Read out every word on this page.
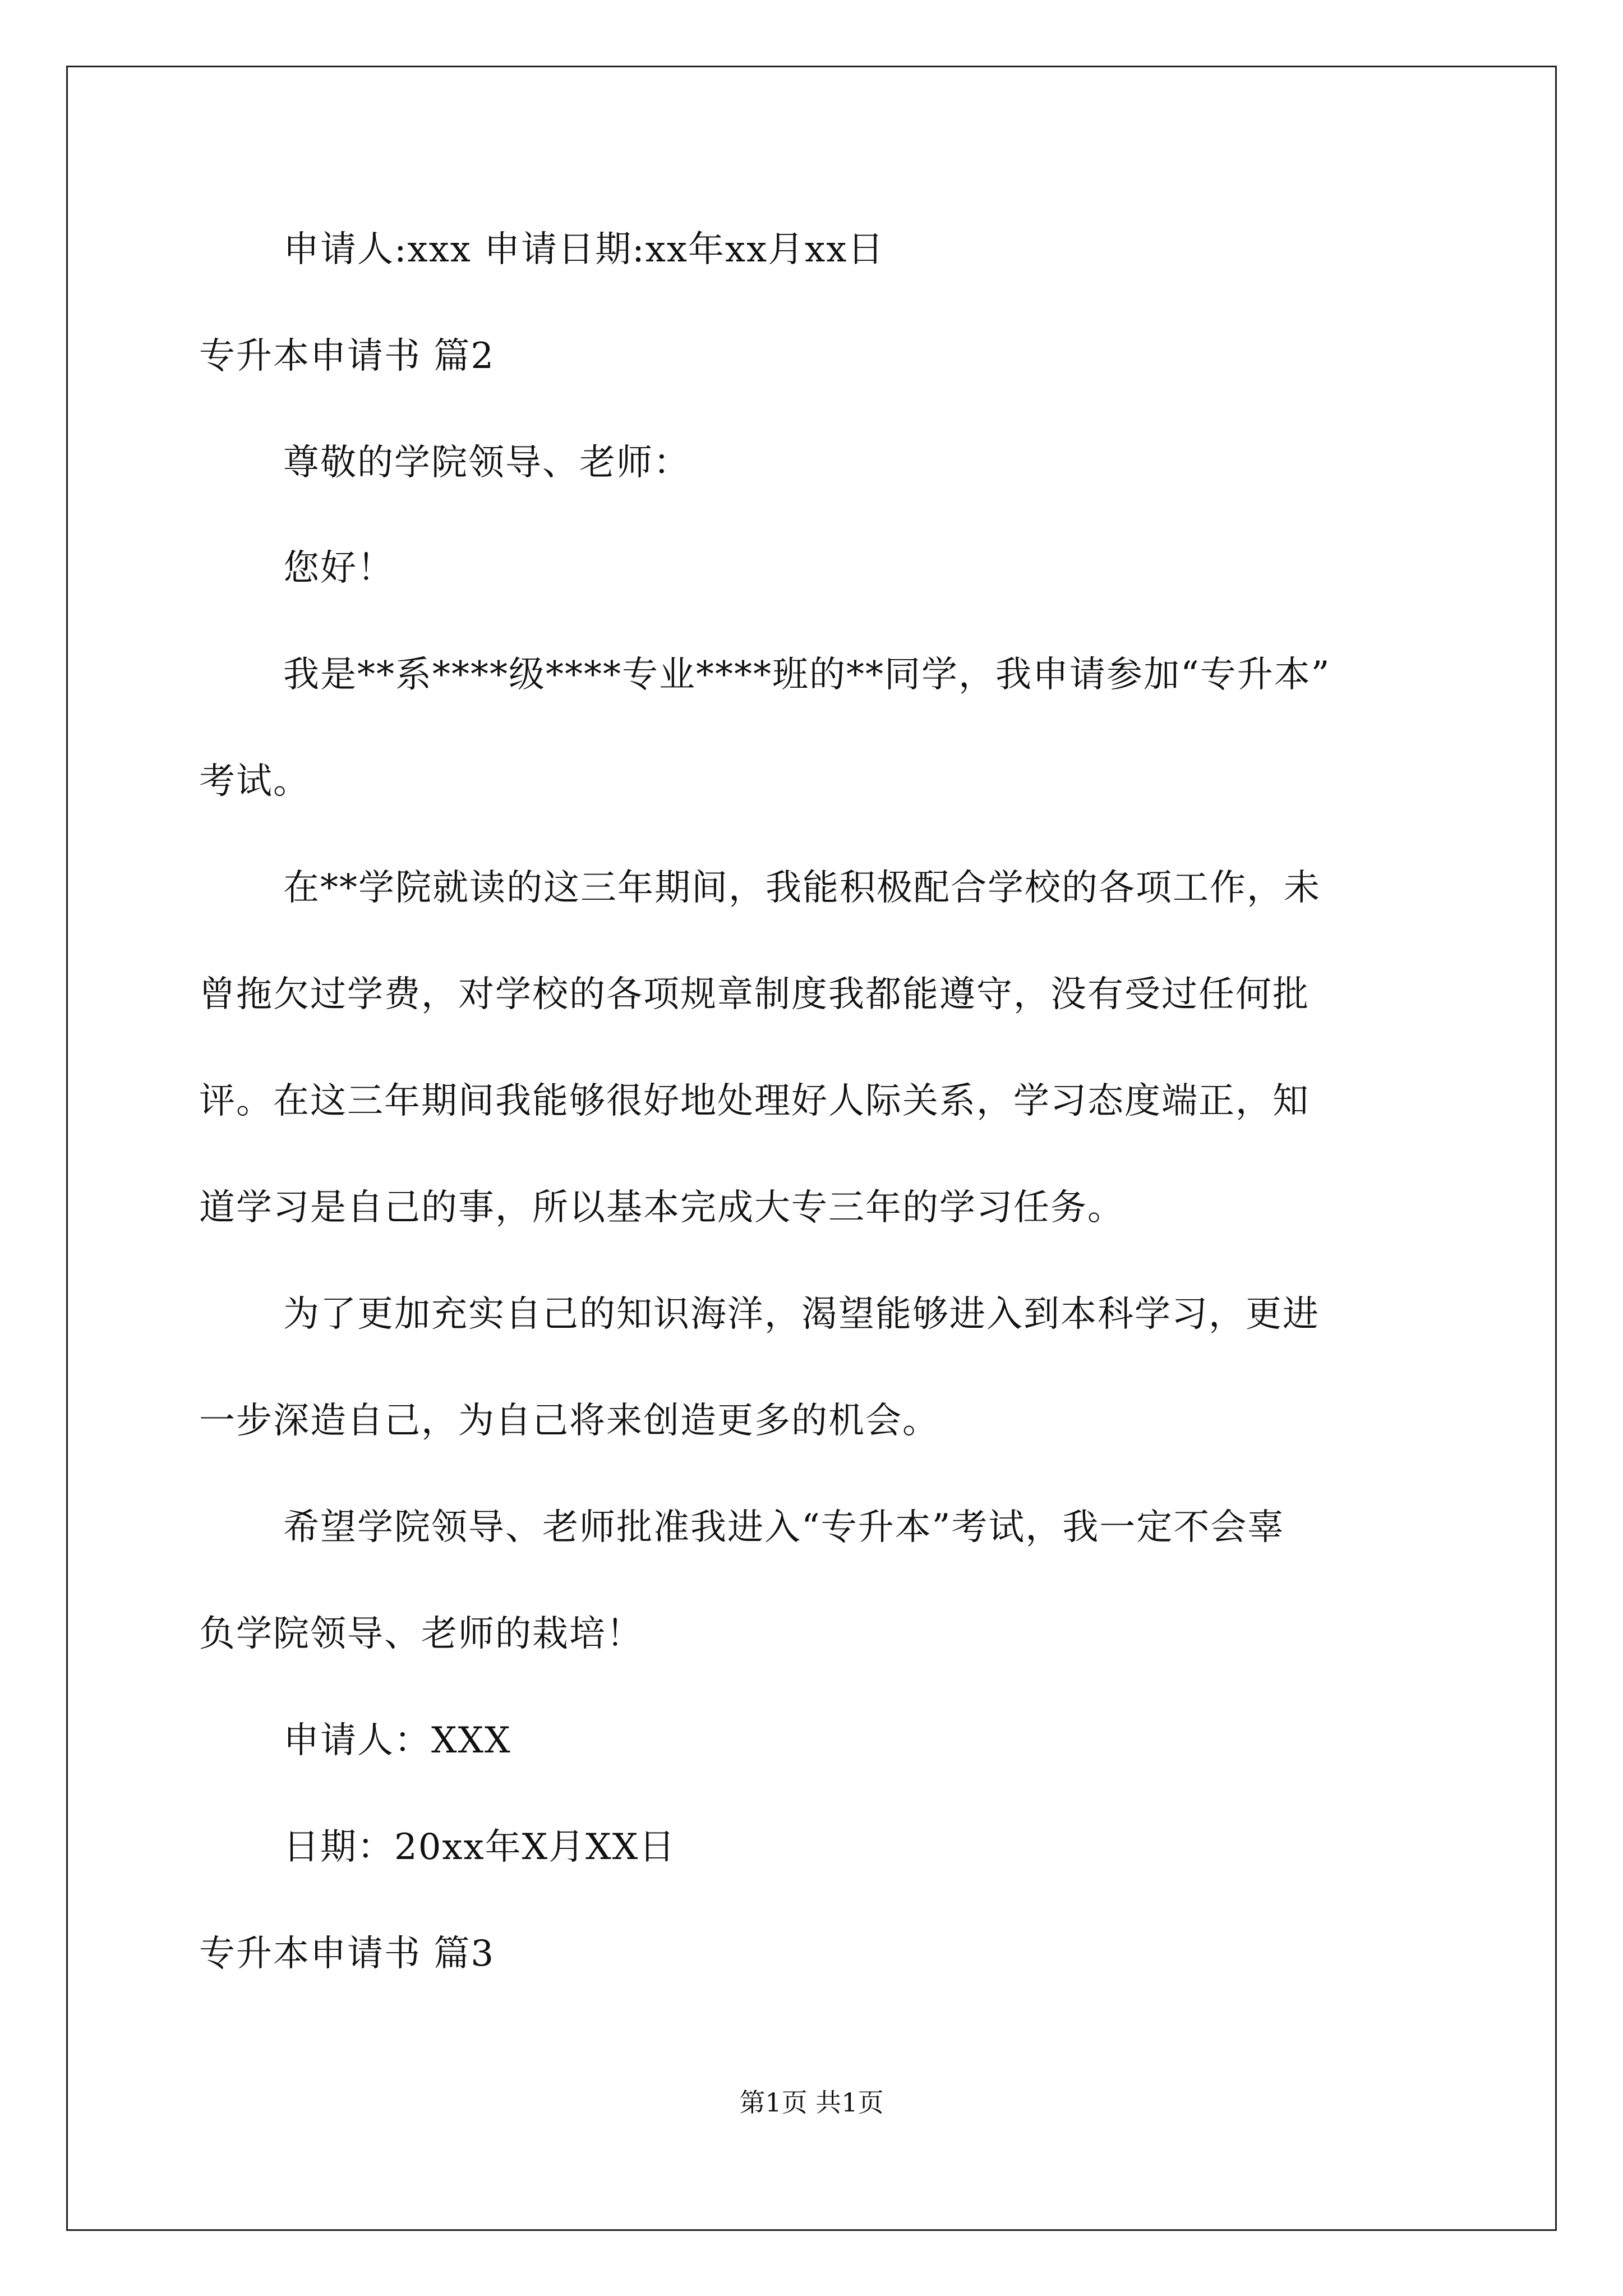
申请人:xxx 申请日期:xx年xx月xx日
专升本申请书 篇2
尊敬的学院领导、老师：
您好！
我是**系****级****专业****班的**同学，我申请参加“专升本”
考试。
在**学院就读的这三年期间，我能积极配合学校的各项工作，未
曾拖欠过学费，对学校的各项规章制度我都能遵守，没有受过任何批
评。在这三年期间我能够很好地处理好人际关系，学习态度端正，知
道学习是自己的事，所以基本完成大专三年的学习任务。
为了更加充实自己的知识海洋，渴望能够进入到本科学习，更进
一步深造自己，为自己将来创造更多的机会。
希望学院领导、老师批准我进入“专升本”考试，我一定不会辜
负学院领导、老师的栽培！
申请人：XXX
日期：20xx年X月XX日
专升本申请书 篇3
第1页 共1页
